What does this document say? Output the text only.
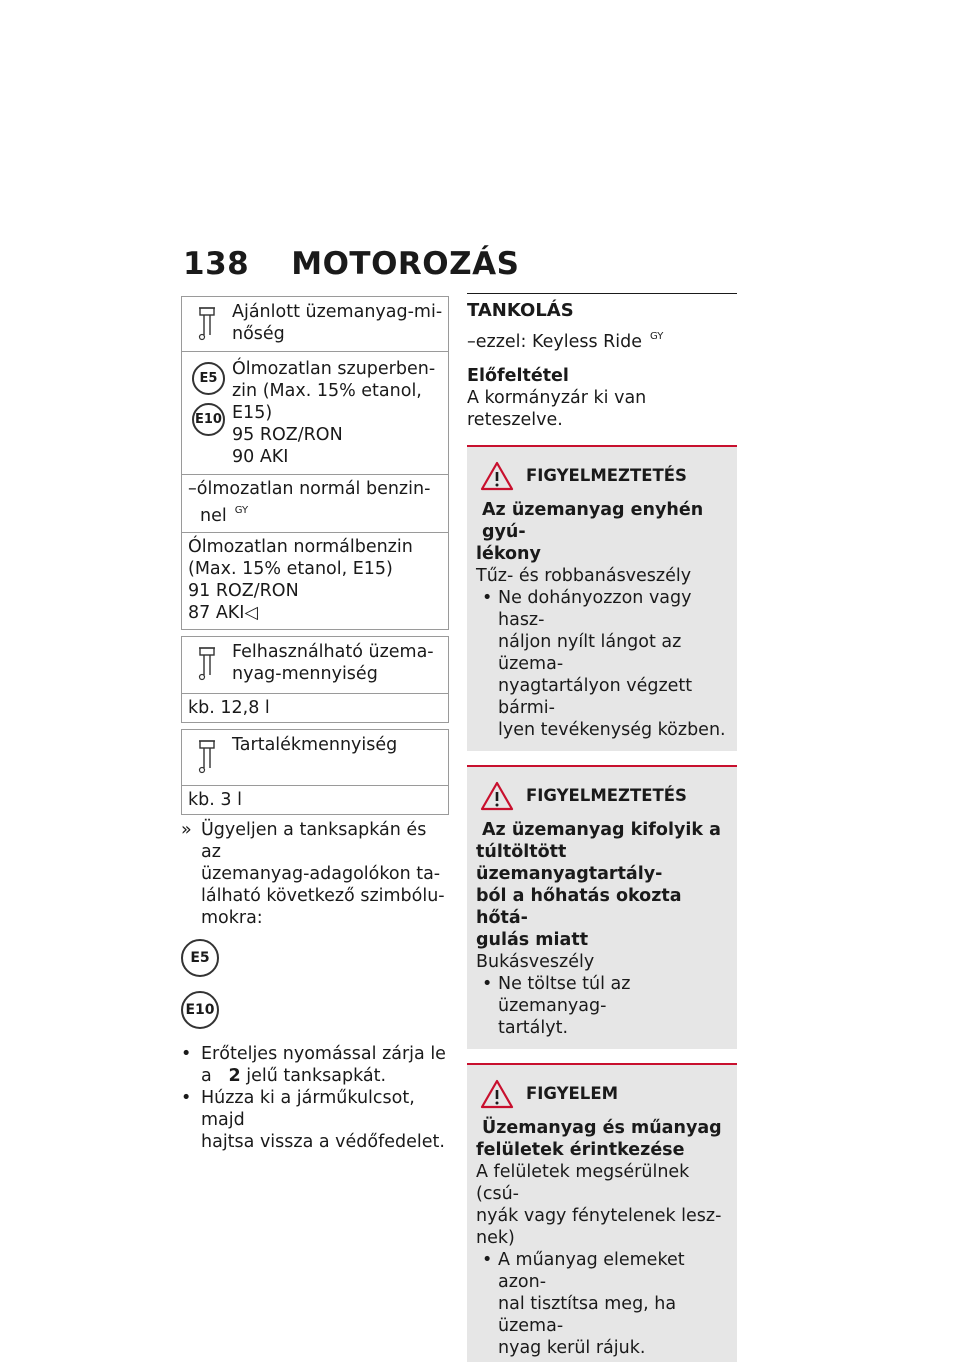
138 MOTOROZÁS
Ajánlott üzemanyag-mi-
nőség
E5
E10
Ólmozatlan szuperben-
zin (Max. 15% etanol,
E15)
95 ROZ/RON
90 AKI
–ólmozatlan normál benzin-
nel $^{GY}$
Ólmozatlan normálbenzin
(Max. 15% etanol, E15)
91 ROZ/RON
87 AKI◁
Felhasználható üzema-
nyag-mennyiség
kb. 12,8 l
Tartalékmennyiség
kb. 3 l
» Ügyeljen a tanksapkán és az
üzemanyag-adagolókon ta-
lálható következő szimbólu-
mokra:
E5
E10
• Erőteljes nyomással zárja le
a 2 jelű tanksapkát.
• Húzza ki a járműkulcsot, majd
hajtsa vissza a védőfedelet.
TANKOLÁS
–ezzel: Keyless Ride $^{GY}$
Előfeltétel
A kormányzár ki van reteszelve.
FIGYELMEZTETÉS
Az üzemanyag enyhén gyú-
lékony
Tűz- és robbanásveszély
• Ne dohányozzon vagy hasz-
náljon nyílt lángot az üzema-
nyagtartályon végzett bármi-
lyen tevékenység közben.
FIGYELMEZTETÉS
Az üzemanyag kifolyik a
túltöltött üzemanyagtartály-
ból a hőhatás okozta hőtá-
gulás miatt
Bukásveszély
• Ne töltse túl az üzemanyag-
tartályt.
FIGYELEM
Üzemanyag és műanyag
felületek érintkezése
A felületek megsérülnek (csú-
nyák vagy fénytelenek lesz-
nek)
• A műanyag elemeket azon-
nal tisztítsa meg, ha üzema-
nyag kerül rájuk.
